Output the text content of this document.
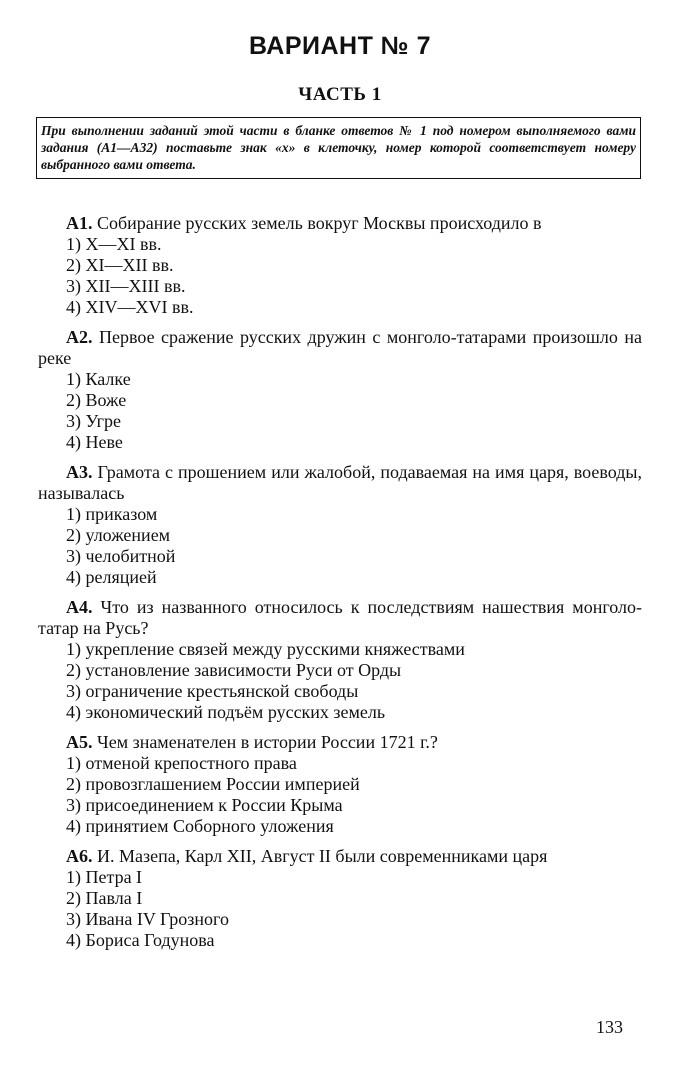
ВАРИАНТ № 7
ЧАСТЬ 1
При выполнении заданий этой части в бланке ответов № 1 под номером выполняемого вами задания (А1—А32) поставьте знак «х» в клеточку, номер которой соответствует номеру выбранного вами ответа.
А1. Собирание русских земель вокруг Москвы происходило в
1) X—XI вв.
2) XI—XII вв.
3) XII—XIII вв.
4) XIV—XVI вв.
А2. Первое сражение русских дружин с монголо-татарами произошло на реке
1) Калке
2) Воже
3) Угре
4) Неве
А3. Грамота с прошением или жалобой, подаваемая на имя царя, воеводы, называлась
1) приказом
2) уложением
3) челобитной
4) реляцией
А4. Что из названного относилось к последствиям нашествия монголо-татар на Русь?
1) укрепление связей между русскими княжествами
2) установление зависимости Руси от Орды
3) ограничение крестьянской свободы
4) экономический подъём русских земель
А5. Чем знаменателен в истории России 1721 г.?
1) отменой крепостного права
2) провозглашением России империей
3) присоединением к России Крыма
4) принятием Соборного уложения
А6. И. Мазепа, Карл XII, Август II были современниками царя
1) Петра I
2) Павла I
3) Ивана IV Грозного
4) Бориса Годунова
133
